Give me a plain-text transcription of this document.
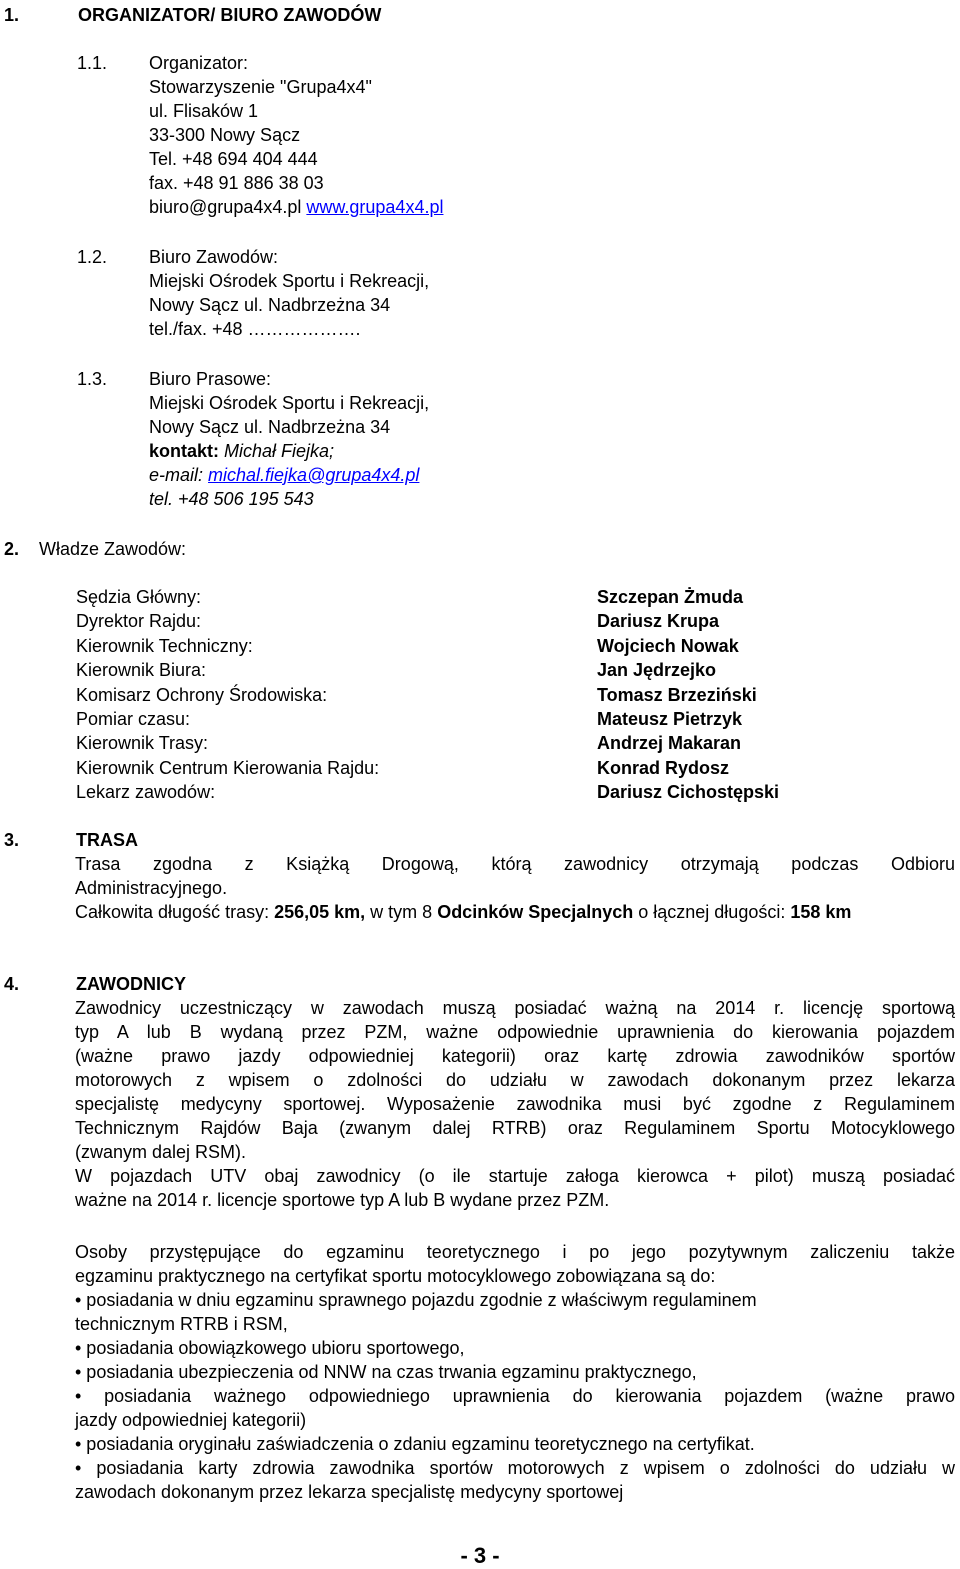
1.	ORGANIZATOR/ BIURO ZAWODÓW
1.1. Organizator:
Stowarzyszenie "Grupa4x4"
ul. Flisaków 1
33-300 Nowy Sącz
Tel. +48 694 404 444
fax. +48 91 886 38 03
biuro@grupa4x4.pl www.grupa4x4.pl
1.2. Biuro Zawodów:
Miejski Ośrodek Sportu i Rekreacji,
Nowy Sącz ul. Nadbrzeżna 34
tel./fax. +48 ……………….
1.3. Biuro Prasowe:
Miejski Ośrodek Sportu i Rekreacji,
Nowy Sącz ul. Nadbrzeżna 34
kontakt: Michał Fiejka;
e-mail: michal.fiejka@grupa4x4.pl
tel. +48 506 195 543
2. Władze Zawodów:
Sędzia Główny:	Szczepan Żmuda
Dyrektor Rajdu:	Dariusz Krupa
Kierownik Techniczny:	Wojciech Nowak
Kierownik Biura:	Jan Jędrzejko
Komisarz Ochrony Środowiska:	Tomasz Brzeziński
Pomiar czasu:	Mateusz Pietrzyk
Kierownik Trasy:	Andrzej Makaran
Kierownik Centrum Kierowania Rajdu:	Konrad Rydosz
Lekarz zawodów:	Dariusz Cichostępski
3.	TRASA
Trasa zgodna z Książką Drogową, którą zawodnicy otrzymają podczas Odbioru
Administracyjnego.
Całkowita długość trasy: 256,05 km, w tym 8 Odcinków Specjalnych o łącznej długości: 158 km
4.	ZAWODNICY
Zawodnicy uczestniczący w zawodach muszą posiadać ważną na 2014 r. licencję sportową
typ A lub B wydaną przez PZM, ważne odpowiednie uprawnienia do kierowania pojazdem
(ważne prawo jazdy odpowiedniej kategorii) oraz kartę zdrowia zawodników sportów
motorowych z wpisem o zdolności do udziału w zawodach dokonanym przez lekarza
specjalistę medycyny sportowej. Wyposażenie zawodnika musi być zgodne z Regulaminem
Technicznym Rajdów Baja (zwanym dalej RTRB) oraz Regulaminem Sportu Motocyklowego
(zwanym dalej RSM).
W pojazdach UTV obaj zawodnicy (o ile startuje załoga kierowca + pilot) muszą posiadać
ważne na 2014 r. licencje sportowe typ A lub B wydane przez PZM.
Osoby przystępujące do egzaminu teoretycznego i po jego pozytywnym zaliczeniu także
egzaminu praktycznego na certyfikat sportu motocyklowego zobowiązana są do:
• posiadania w dniu egzaminu sprawnego pojazdu zgodnie z właściwym regulaminem
technicznym RTRB i RSM,
• posiadania obowiązkowego ubioru sportowego,
• posiadania ubezpieczenia od NNW na czas trwania egzaminu praktycznego,
• posiadania ważnego odpowiedniego uprawnienia do kierowania pojazdem (ważne prawo
jazdy odpowiedniej kategorii)
• posiadania oryginału zaświadczenia o zdaniu egzaminu teoretycznego na certyfikat.
• posiadania karty zdrowia zawodnika sportów motorowych z wpisem o zdolności do udziału w
zawodach dokonanym przez lekarza specjalistę medycyny sportowej
- 3 -
